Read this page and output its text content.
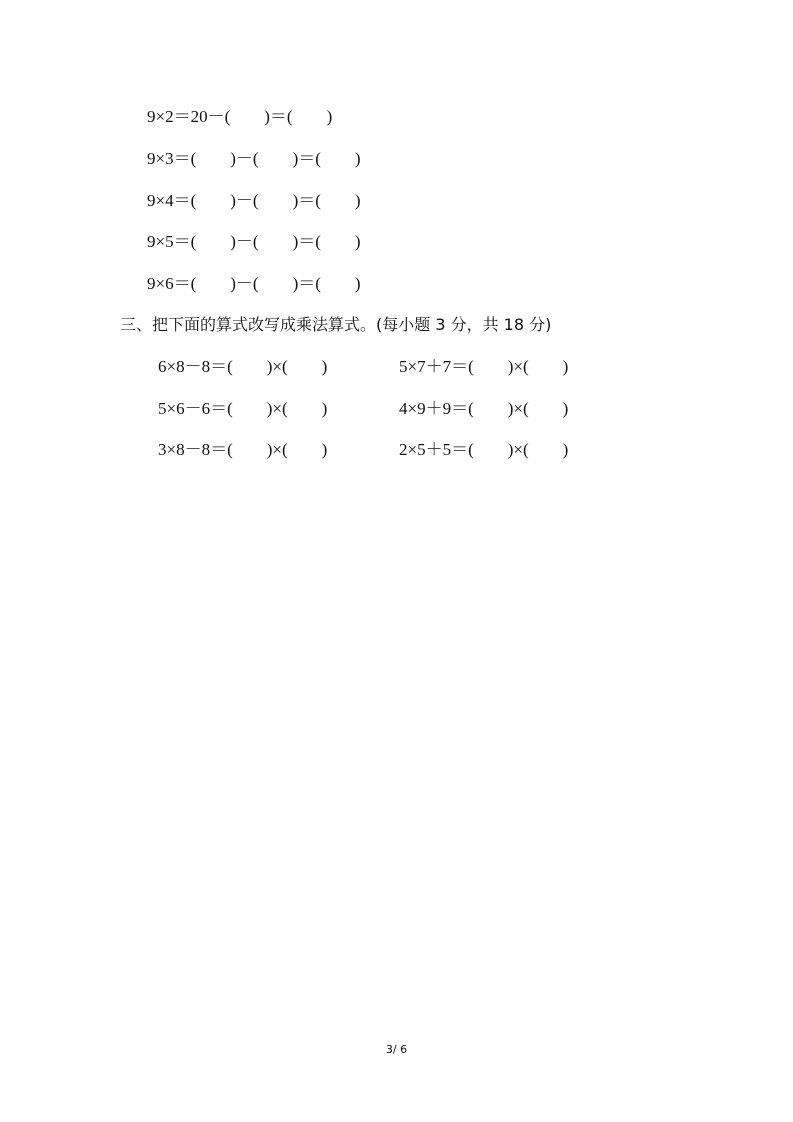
9×2＝20－(　　)＝(　　)
9×3＝(　　)－(　　)＝(　　)
9×4＝(　　)－(　　)＝(　　)
9×5＝(　　)－(　　)＝(　　)
9×6＝(　　)－(　　)＝(　　)
三、把下面的算式改写成乘法算式。(每小题 3 分，共 18 分)
6×8－8＝(　　)×(　　)
5×6－6＝(　　)×(　　)
3×8－8＝(　　)×(　　)
5×7＋7＝(　　)×(　　)
4×9＋9＝(　　)×(　　)
2×5＋5＝(　　)×(　　)
3/ 6
